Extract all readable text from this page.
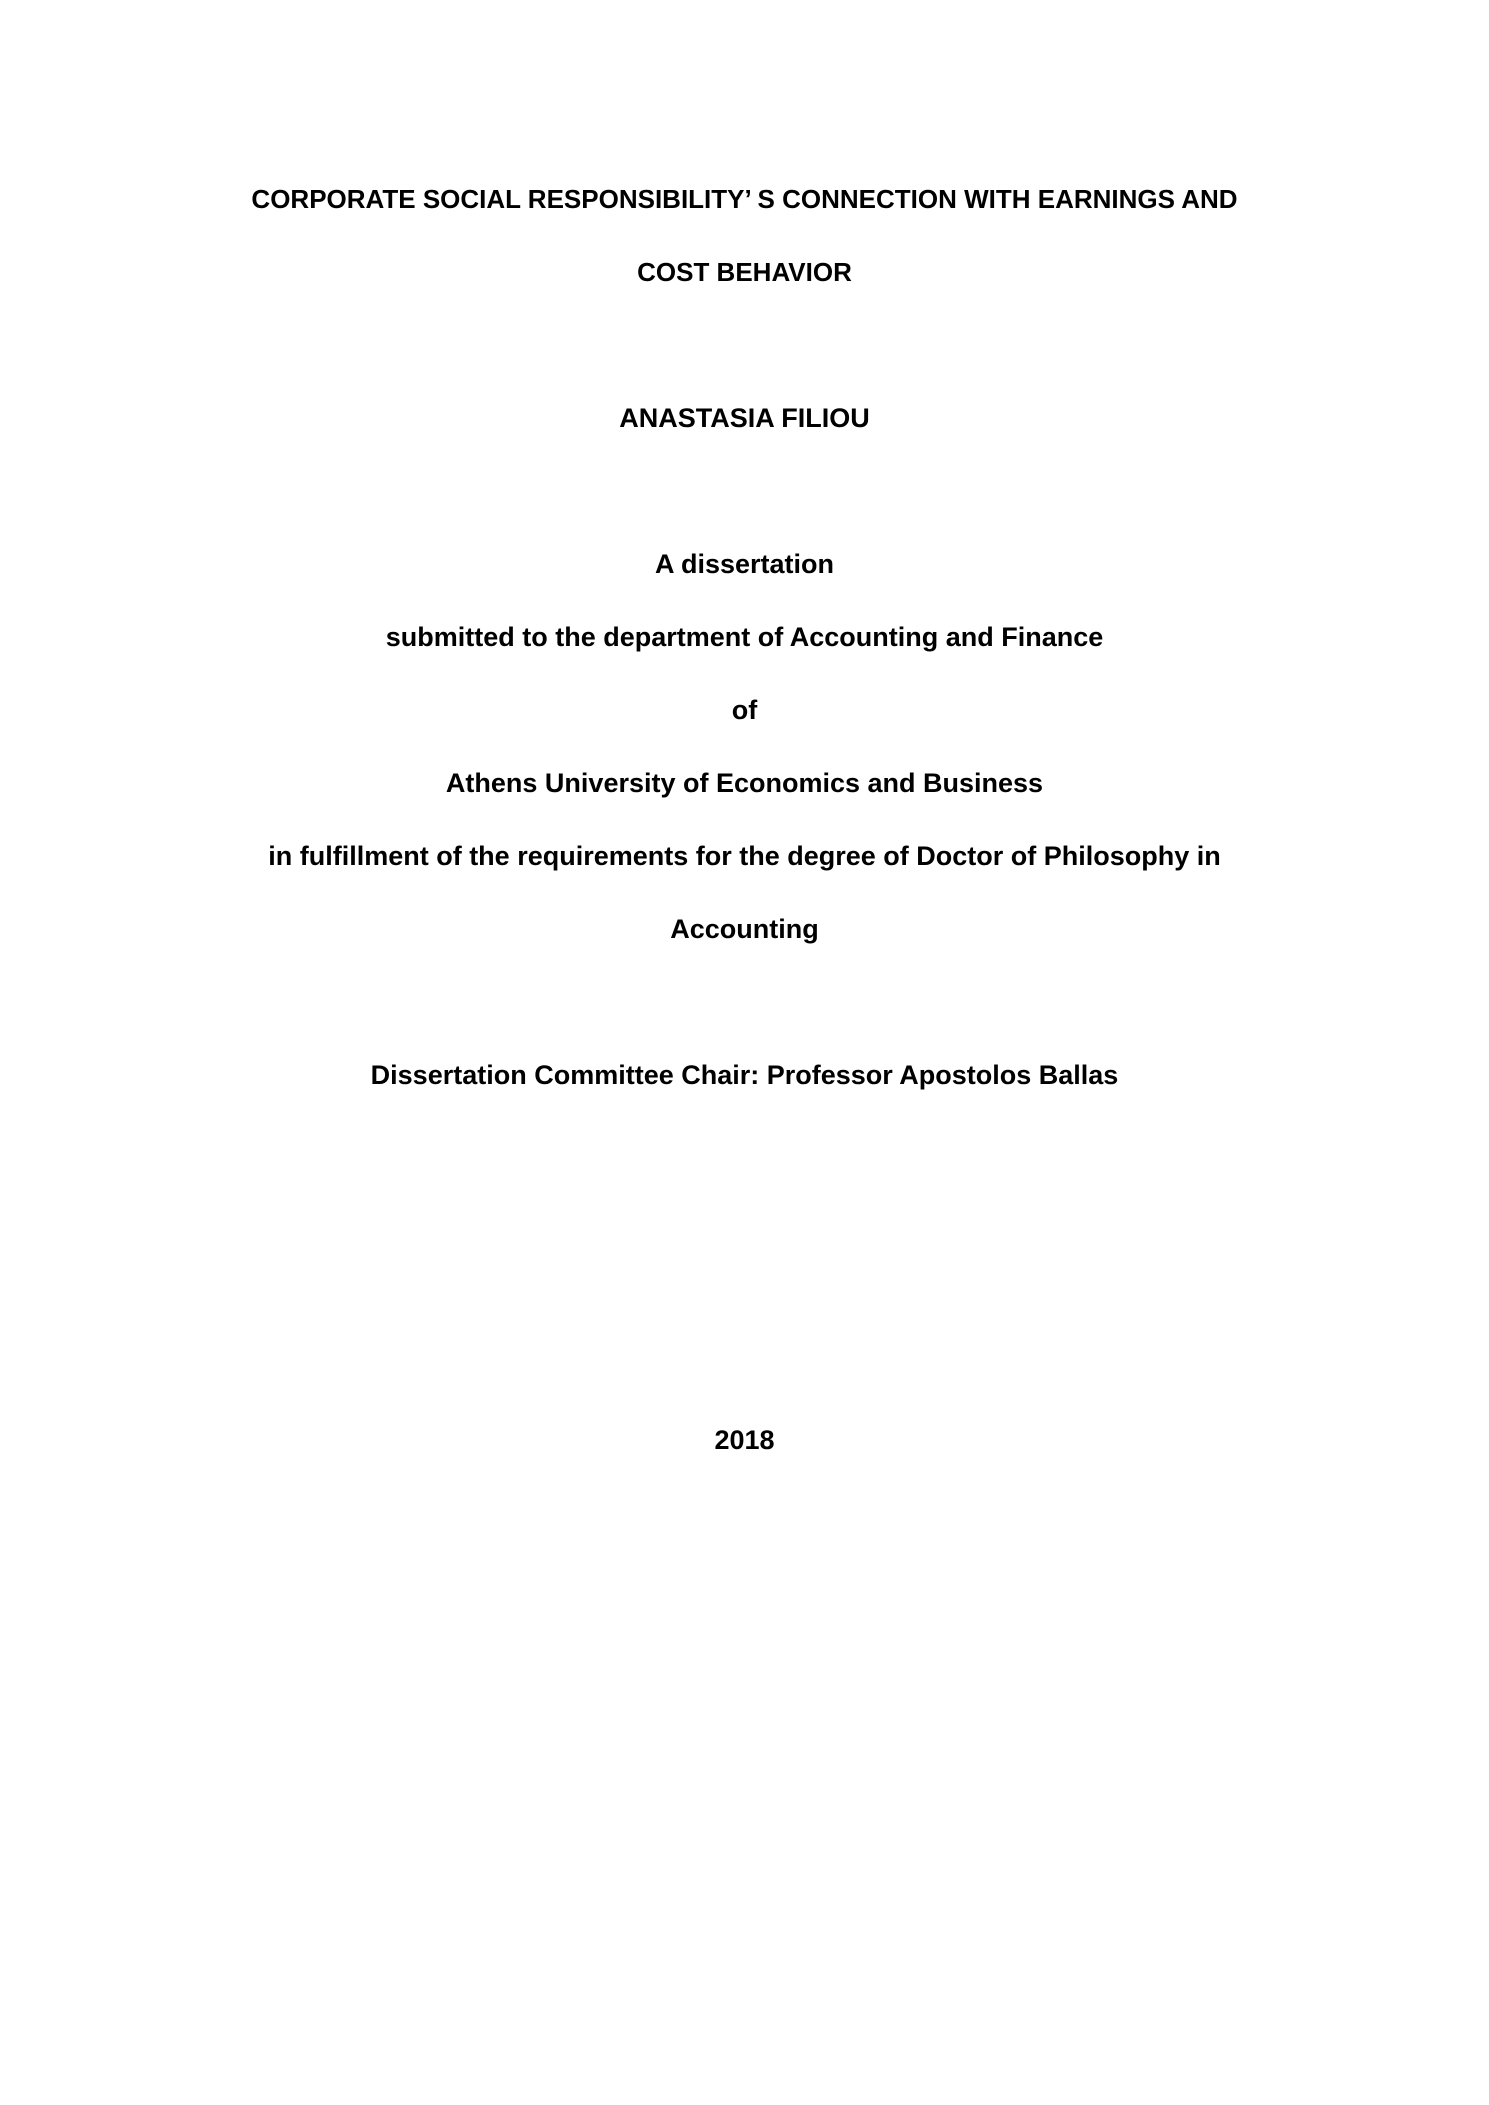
CORPORATE SOCIAL RESPONSIBILITY’ S CONNECTION WITH EARNINGS AND
COST BEHAVIOR
ANASTASIA FILIOU
A dissertation
submitted to the department of Accounting and Finance
of
Athens University of Economics and Business
in fulfillment of the requirements for the degree of Doctor of Philosophy in
Accounting
Dissertation Committee Chair: Professor Apostolos Ballas
2018
